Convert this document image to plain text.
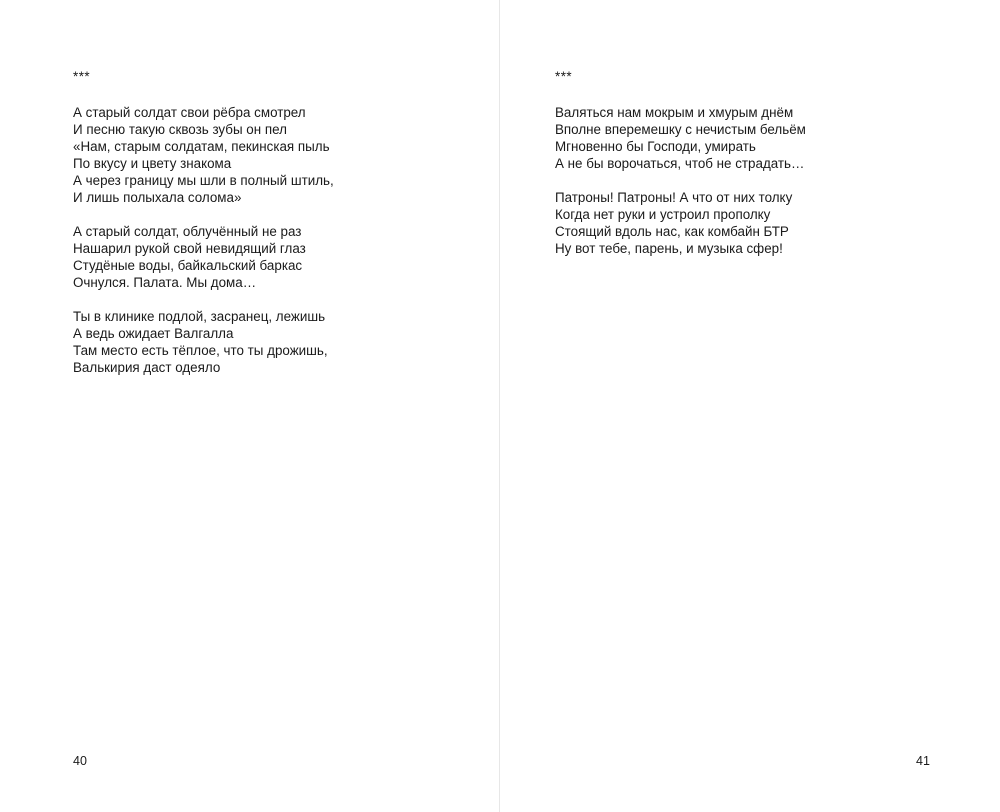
***
А старый солдат свои рёбра смотрел
И песню такую сквозь зубы он пел
«Нам, старым солдатам, пекинская пыль
По вкусу и цвету знакома
А через границу мы шли в полный штиль,
И лишь полыхала солома»
А старый солдат, облучённый не раз
Нашарил рукой свой невидящий глаз
Студёные воды, байкальский баркас
Очнулся. Палата. Мы дома…
Ты в клинике подлой, засранец, лежишь
А ведь ожидает Валгалла
Там место есть тёплое, что ты дрожишь,
Валькирия даст одеяло
40
***
Валяться нам мокрым и хмурым днём
Вполне вперемешку с нечистым бельём
Мгновенно бы Господи, умирать
А не бы ворочаться, чтоб не страдать…
Патроны! Патроны! А что от них толку
Когда нет руки и устроил прополку
Стоящий вдоль нас, как комбайн БТР
Ну вот тебе, парень, и музыка сфер!
41
